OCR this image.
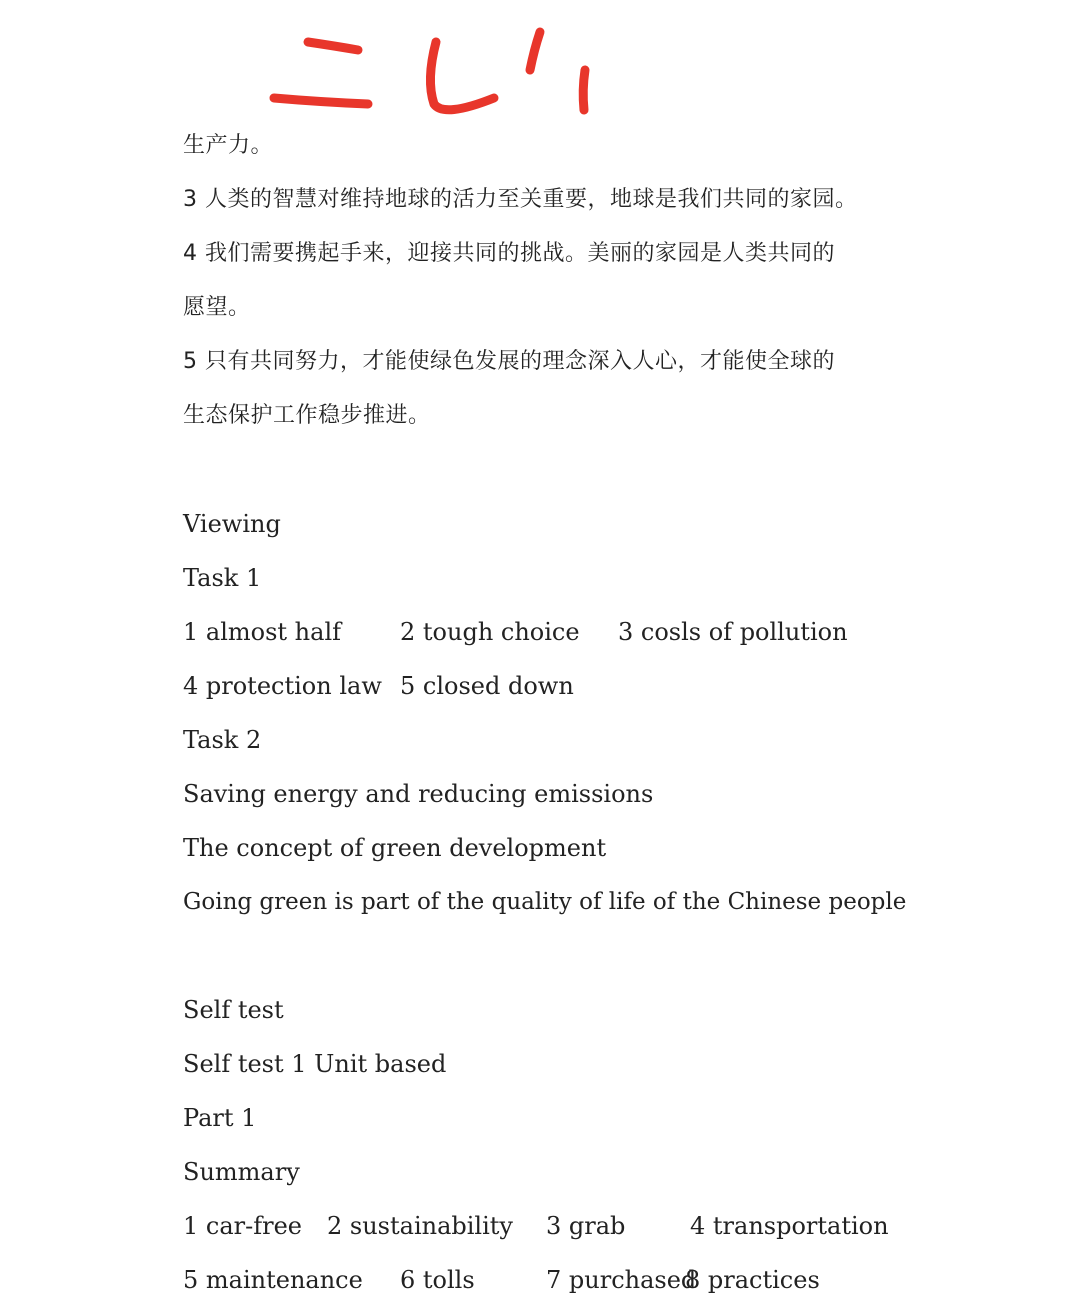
生产力。
3 人类的智慧对维持地球的活力至关重要，地球是我们共同的家园。
4 我们需要携起手来，迎接共同的挑战。美丽的家园是人类共同的
愿望。
5 只有共同努力，才能使绿色发展的理念深入人心，才能使全球的
生态保护工作稳步推进。
Viewing
Task 1
1 almost half 2 tough choice 3 cosls of pollution
4 protection law 5 closed down
Task 2
Saving energy and reducing emissions
The concept of green development
Going green is part of the quality of life of the Chinese people
Self test
Self test 1 Unit based
Part 1
Summary
1 car-free 2 sustainability 3 grab	4 transportation
5 maintenance 6 tolls	7 purchased
8 practices
